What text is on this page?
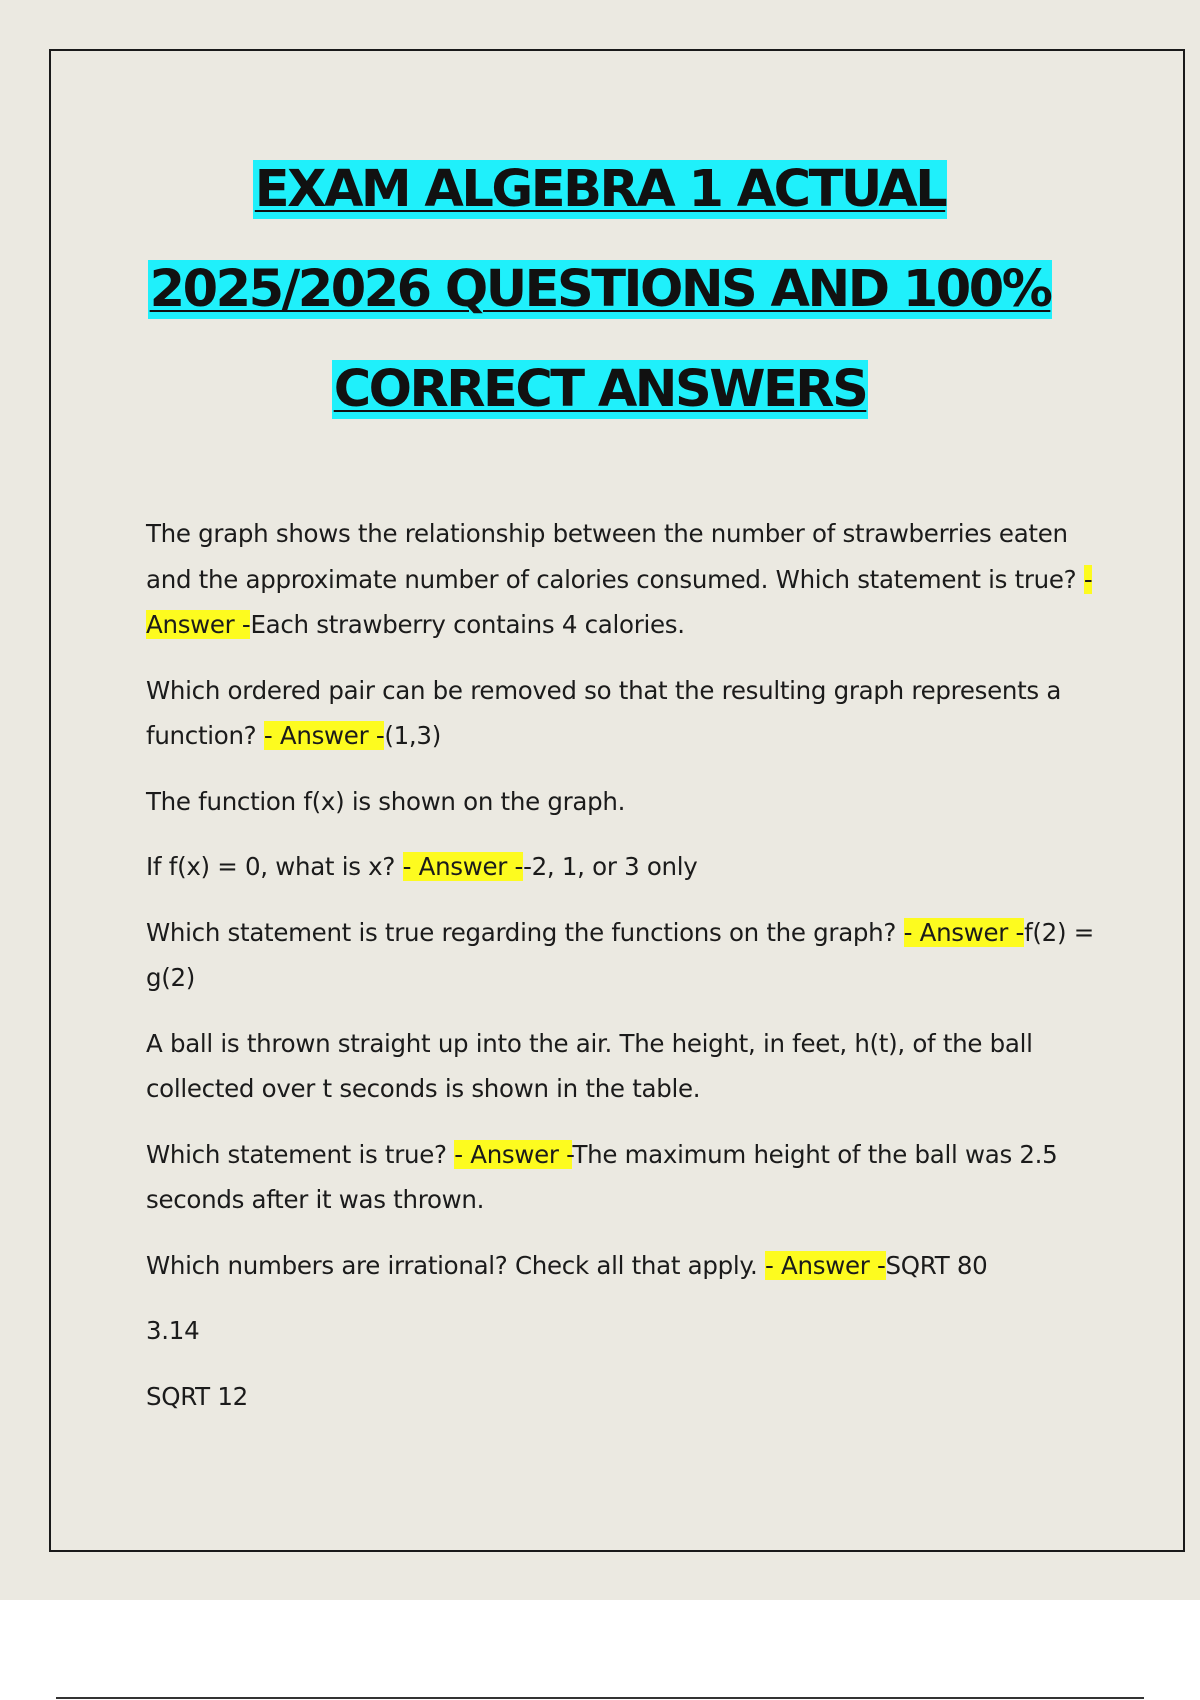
EXAM ALGEBRA 1 ACTUAL
2025/2026 QUESTIONS AND 100%
CORRECT ANSWERS

The graph shows the relationship between the number of strawberries eaten and the approximate number of calories consumed. Which statement is true? - Answer -Each strawberry contains 4 calories.

Which ordered pair can be removed so that the resulting graph represents a function? - Answer -(1,3)

The function f(x) is shown on the graph.

If f(x) = 0, what is x? - Answer --2, 1, or 3 only

Which statement is true regarding the functions on the graph? - Answer -f(2) = g(2)

A ball is thrown straight up into the air. The height, in feet, h(t), of the ball collected over t seconds is shown in the table.

Which statement is true? - Answer -The maximum height of the ball was 2.5 seconds after it was thrown.

Which numbers are irrational? Check all that apply. - Answer -SQRT 80

3.14

SQRT 12
